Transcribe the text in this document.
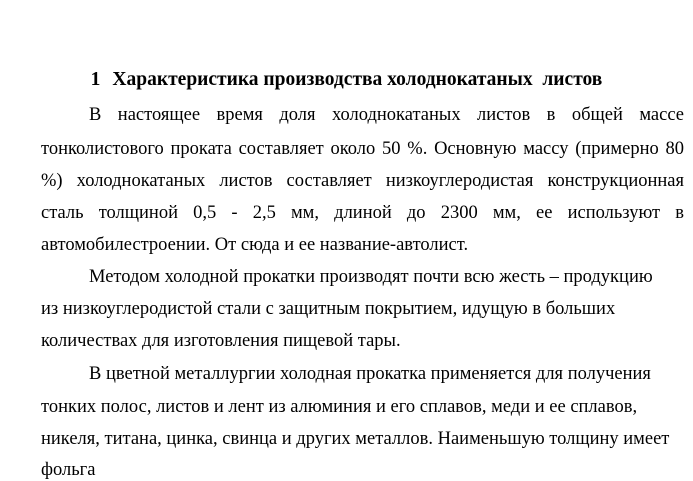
1 Характеристика производства холоднокатаных  листов
В настоящее время доля холоднокатаных листов в общей массе
тонколистового проката составляет около 50 %. Основную массу (примерно 80
%) холоднокатаных листов составляет низкоуглеродистая конструкционная
сталь толщиной 0,5 - 2,5 мм, длиной до 2300 мм, ее используют в
автомобилестроении. От сюда и ее название-автолист.
Методом холодной прокатки производят почти всю жесть – продукцию
из низкоуглеродистой стали с защитным покрытием, идущую в больших
количествах для изготовления пищевой тары.
В цветной металлургии холодная прокатка применяется для получения
тонких полос, листов и лент из алюминия и его сплавов, меди и ее сплавов,
никеля, титана, цинка, свинца и других металлов. Наименьшую толщину имеет
фольга
